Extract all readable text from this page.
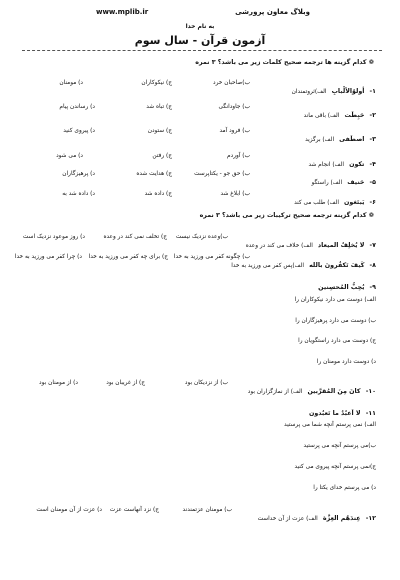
www.mplib.ir	وبلاگ معاون پرورشی
به نام خدا
آزمون قرآن - سال سوم
❁ کدام گزینه ها ترجمه صحیح کلمات زیر می باشد؟ ۳ نمره
۱- أولوُالألْبابِ الف)ثروتمندان
ب)صاحبان خرد
ج) نیکوکاران
د) مومنان
۲- حَبِطَت الف) باقی ماند
ب) جاودانگی
ج) تباه شد
د) رساندن پیام
۳- اصطَفی الف) برگزید
ب) فرود آمد
ج) ستودن
د) پیروی کنید
۴- تکون الف) انجام شد
ب) آوردم
ج) رفتن
د) می شود
۵- حَنیف الف) راستگو
ب) حق جو - یکتاپرست
ج) هدایت شده
د) پرهیزگاران
۶- یَبتَغون الف) طلب می کند
ب) ابلاغ شد
ج) داده شد
د) داده شد به
❁ کدام گزینه ترجمه صحیح ترکیبات زیر می باشد؟ ۳ نمره
۷- لا یُخلِفُ المیعاد الف) خلاف می کند در وعده
ب)وعده نزدیک نیست
ج) تخلف نمی کند در وعده
د) روز موعود نزدیک است
۸- کَیفَ تَکفُرونَ بالله الف)پس کفر می ورزید به خدا
ب) چگونه کفر می ورزید به خدا
ج) برای چه کفر می ورزید به خدا
د) چرا کفر می ورزید به خدا
۹- یُحِبُّ المُحسِنین
الف) دوست می دارد نیکوکاران را
ب) دوست می دارد پرهیزگاران را
ج) دوست می دارد راستگویان را
د) دوست دارد مومنان را
۱۰- کانَ مِنَ المُقرَّبین الف) از نمازگزاران بود
ب) از نزدیکان بود
ج) از غریبان بود
د) از مومنان بود
۱۱- لا اَعبُدُ ما تَعبُدون
الف) نمی پرستم آنچه شما می پرستید
ب)می پرستم آنچه می پرستید
ج)نمی پرستم آنچه پیروی می کنید
د) می پرستم خدای یکتا را
۱۲- عِندَهُم العِزَّة الف) عزت از آن خداست
ب) مومنان عزتمندند
ج) نزد آنهاست عزت
د) عزت از آن مومنان است
